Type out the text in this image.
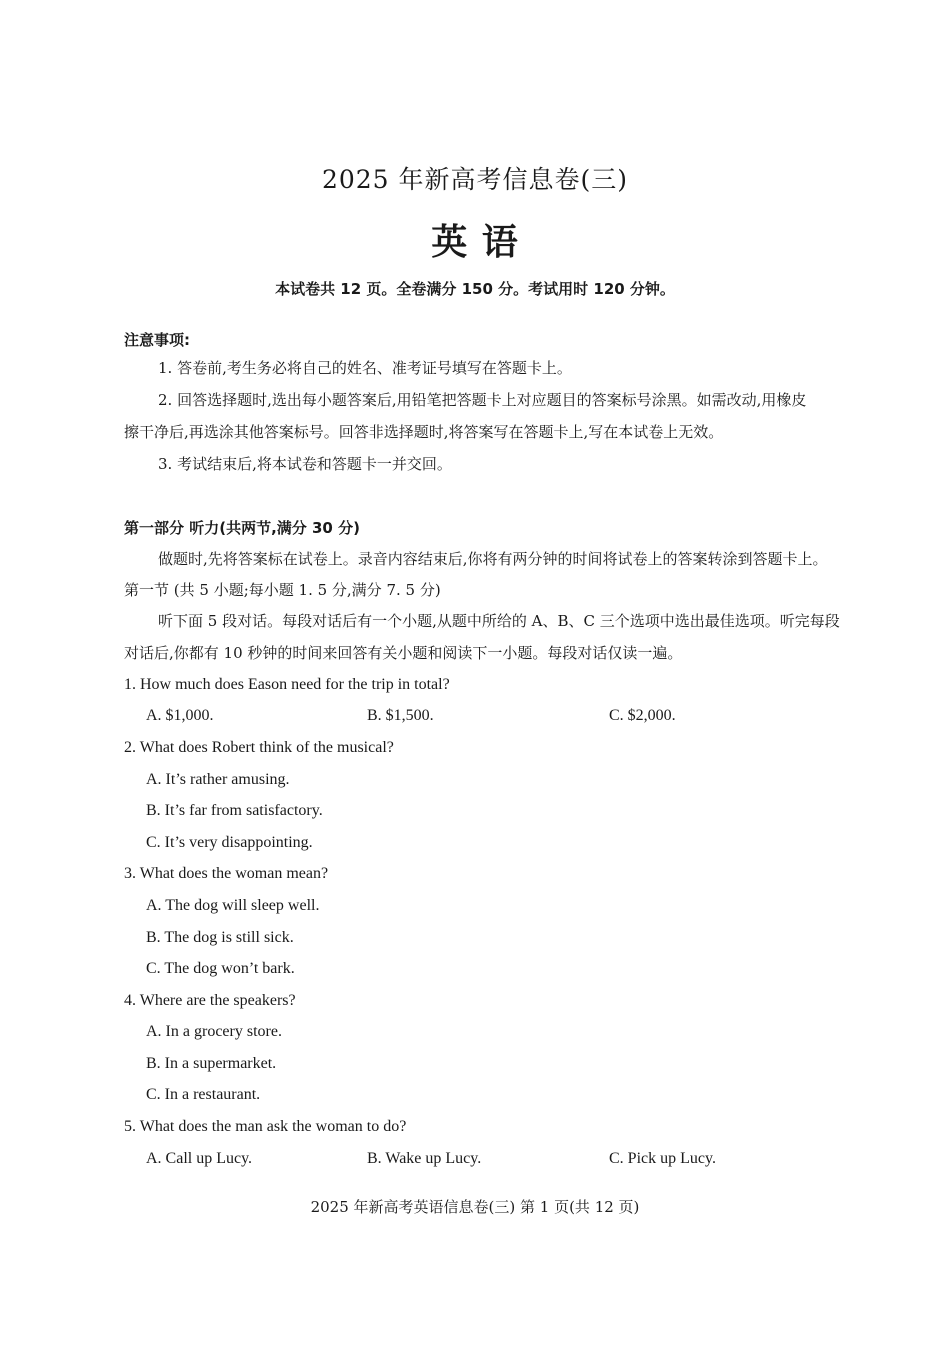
2025 年新高考信息卷(三)
英 语
本试卷共 12 页。全卷满分 150 分。考试用时 120 分钟。
注意事项:
1. 答卷前,考生务必将自己的姓名、准考证号填写在答题卡上。
2. 回答选择题时,选出每小题答案后,用铅笔把答题卡上对应题目的答案标号涂黑。如需改动,用橡皮
擦干净后,再选涂其他答案标号。回答非选择题时,将答案写在答题卡上,写在本试卷上无效。
3. 考试结束后,将本试卷和答题卡一并交回。
第一部分 听力(共两节,满分 30 分)
做题时,先将答案标在试卷上。录音内容结束后,你将有两分钟的时间将试卷上的答案转涂到答题卡上。
第一节 (共 5 小题;每小题 1. 5 分,满分 7. 5 分)
听下面 5 段对话。每段对话后有一个小题,从题中所给的 A、B、C 三个选项中选出最佳选项。听完每段
对话后,你都有 10 秒钟的时间来回答有关小题和阅读下一小题。每段对话仅读一遍。
1. How much does Eason need for the trip in total?
A. $1,000.	B. $1,500.	C. $2,000.
2. What does Robert think of the musical?
A. It’s rather amusing.
B. It’s far from satisfactory.
C. It’s very disappointing.
3. What does the woman mean?
A. The dog will sleep well.
B. The dog is still sick.
C. The dog won’t bark.
4. Where are the speakers?
A. In a grocery store.
B. In a supermarket.
C. In a restaurant.
5. What does the man ask the woman to do?
A. Call up Lucy.	B. Wake up Lucy.	C. Pick up Lucy.
2025 年新高考英语信息卷(三) 第 1 页(共 12 页)
